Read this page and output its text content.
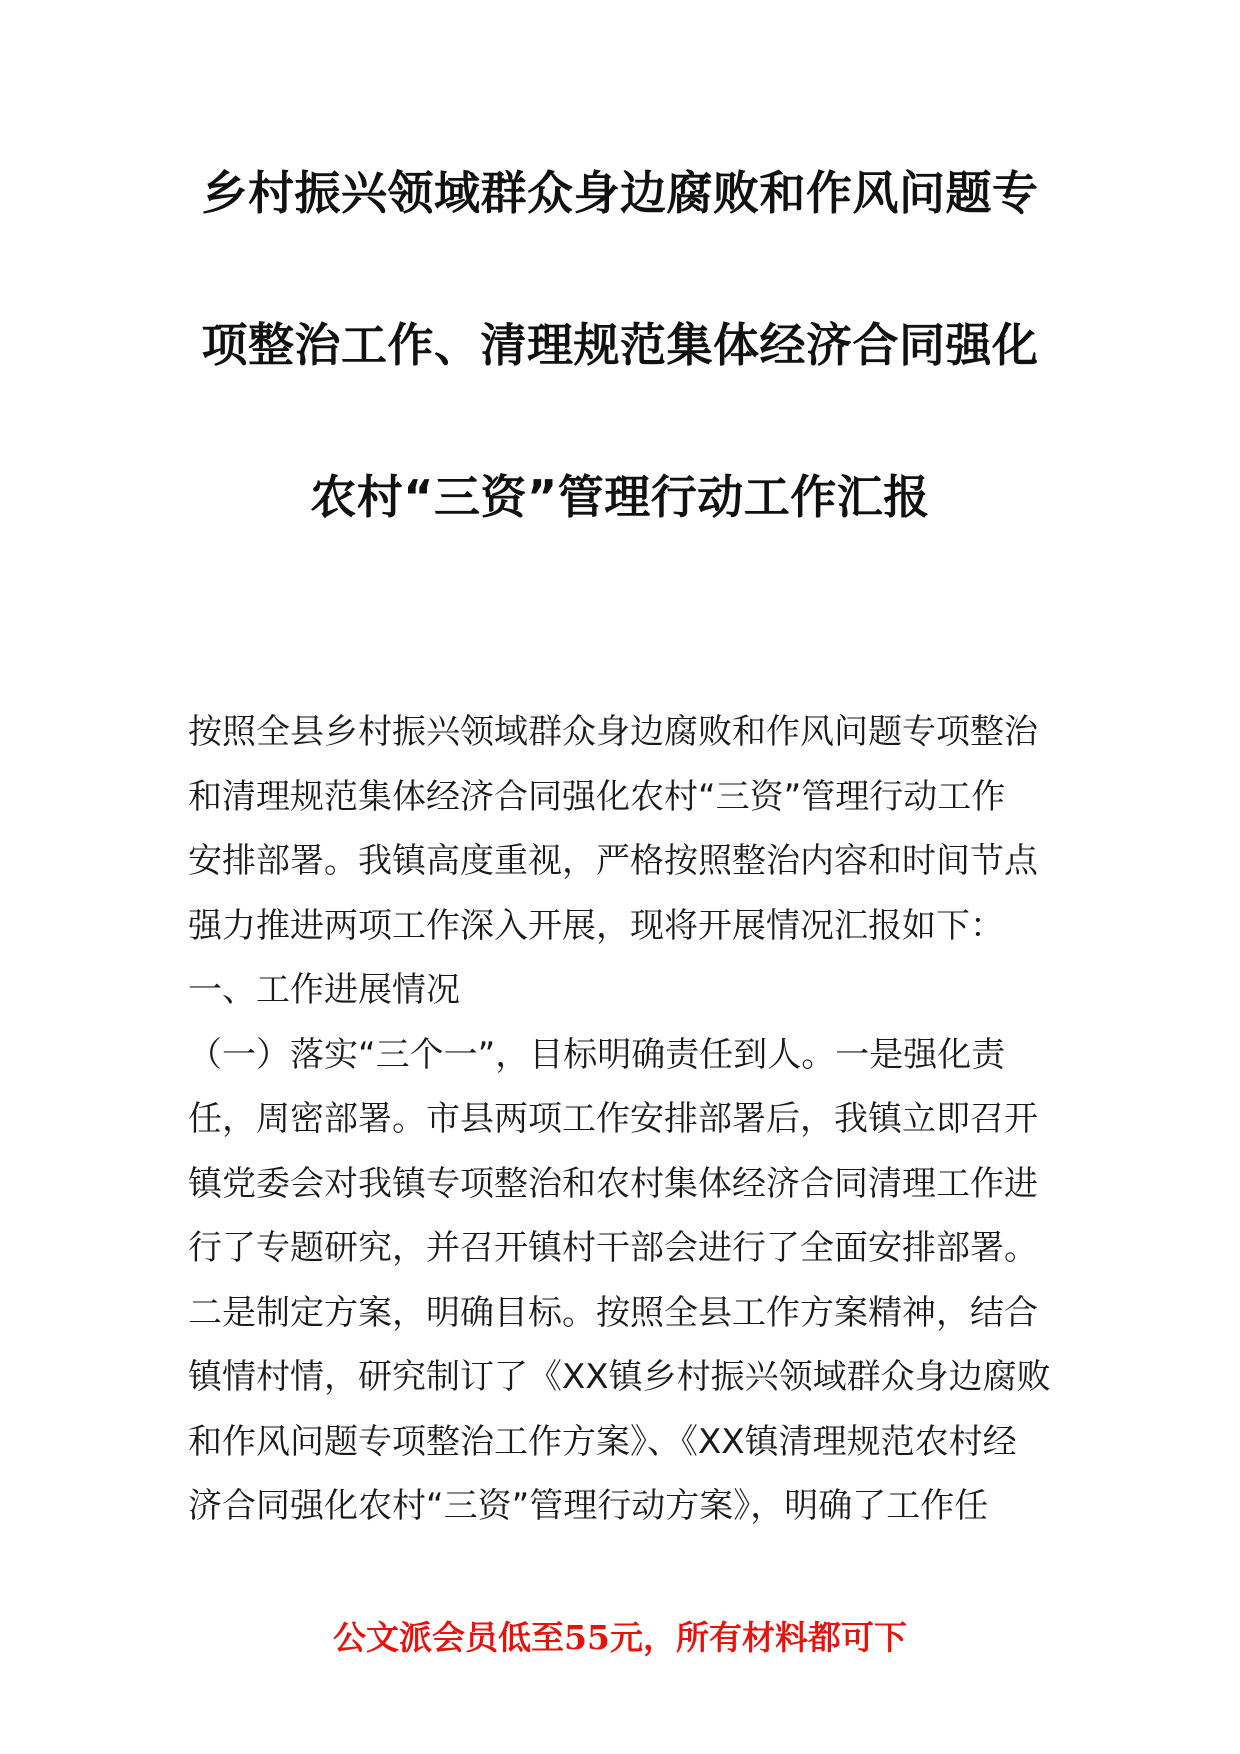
乡村振兴领域群众身边腐败和作风问题专
项整治工作、清理规范集体经济合同强化
农村“三资”管理行动工作汇报
按照全县乡村振兴领域群众身边腐败和作风问题专项整治
和清理规范集体经济合同强化农村“三资”管理行动工作
安排部署。我镇高度重视，严格按照整治内容和时间节点
强力推进两项工作深入开展，现将开展情况汇报如下：
一、工作进展情况
（一）落实“三个一”，目标明确责任到人。一是强化责
任，周密部署。市县两项工作安排部署后，我镇立即召开
镇党委会对我镇专项整治和农村集体经济合同清理工作进
行了专题研究，并召开镇村干部会进行了全面安排部署。
二是制定方案，明确目标。按照全县工作方案精神，结合
镇情村情，研究制订了《XX镇乡村振兴领域群众身边腐败
和作风问题专项整治工作方案》、《XX镇清理规范农村经
济合同强化农村“三资”管理行动方案》，明确了工作任
公文派会员低至55元，所有材料都可下
